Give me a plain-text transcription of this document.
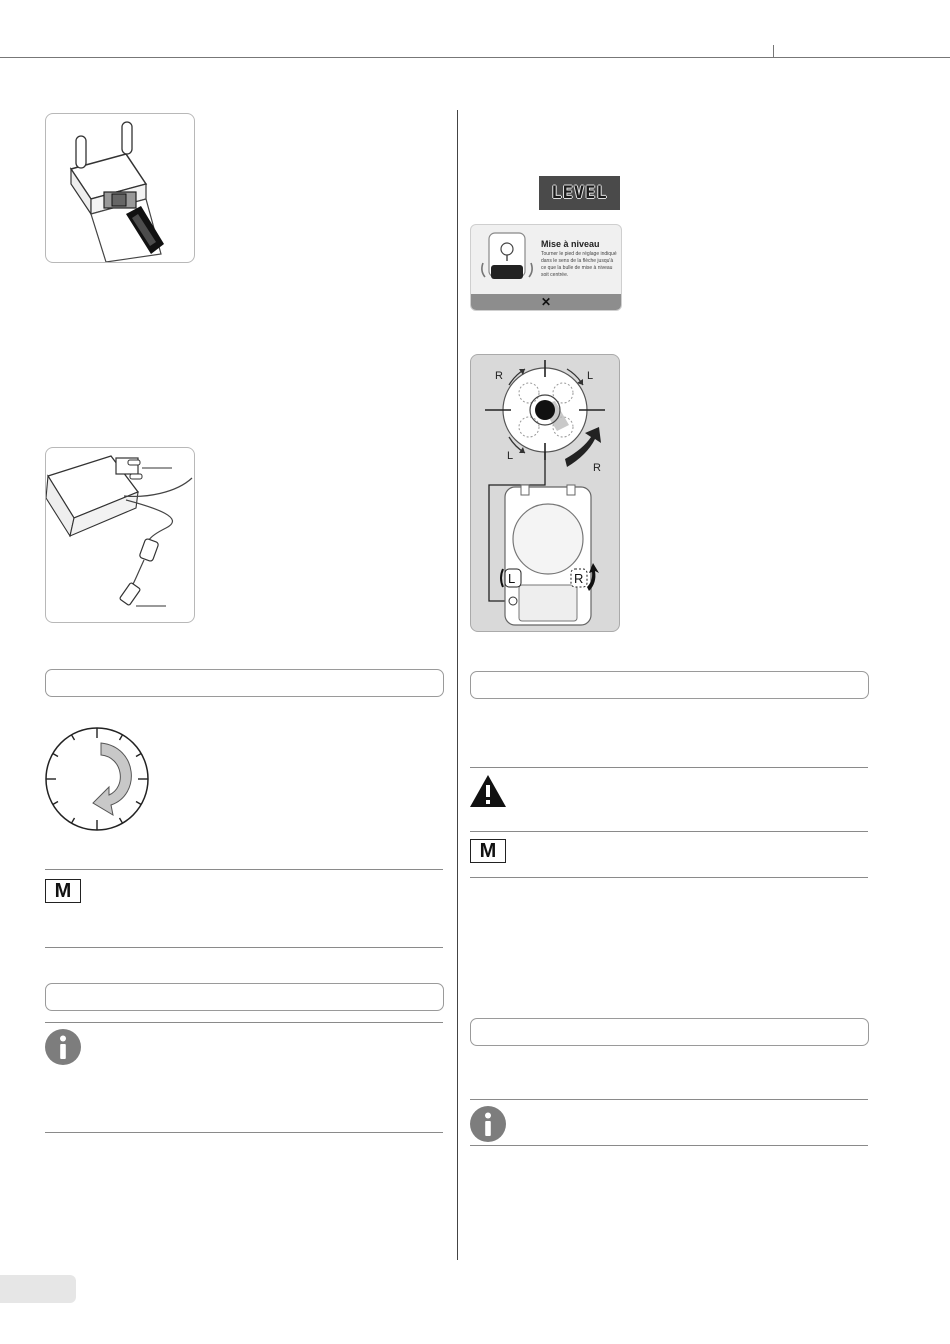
M
LEVEL
Mise à niveau
Tourner le pied de réglage indiqué dans le sens de la flèche jusqu'à ce que la bulle de mise à niveau soit centrée.
✕
R	L
L
R
L	R
M
